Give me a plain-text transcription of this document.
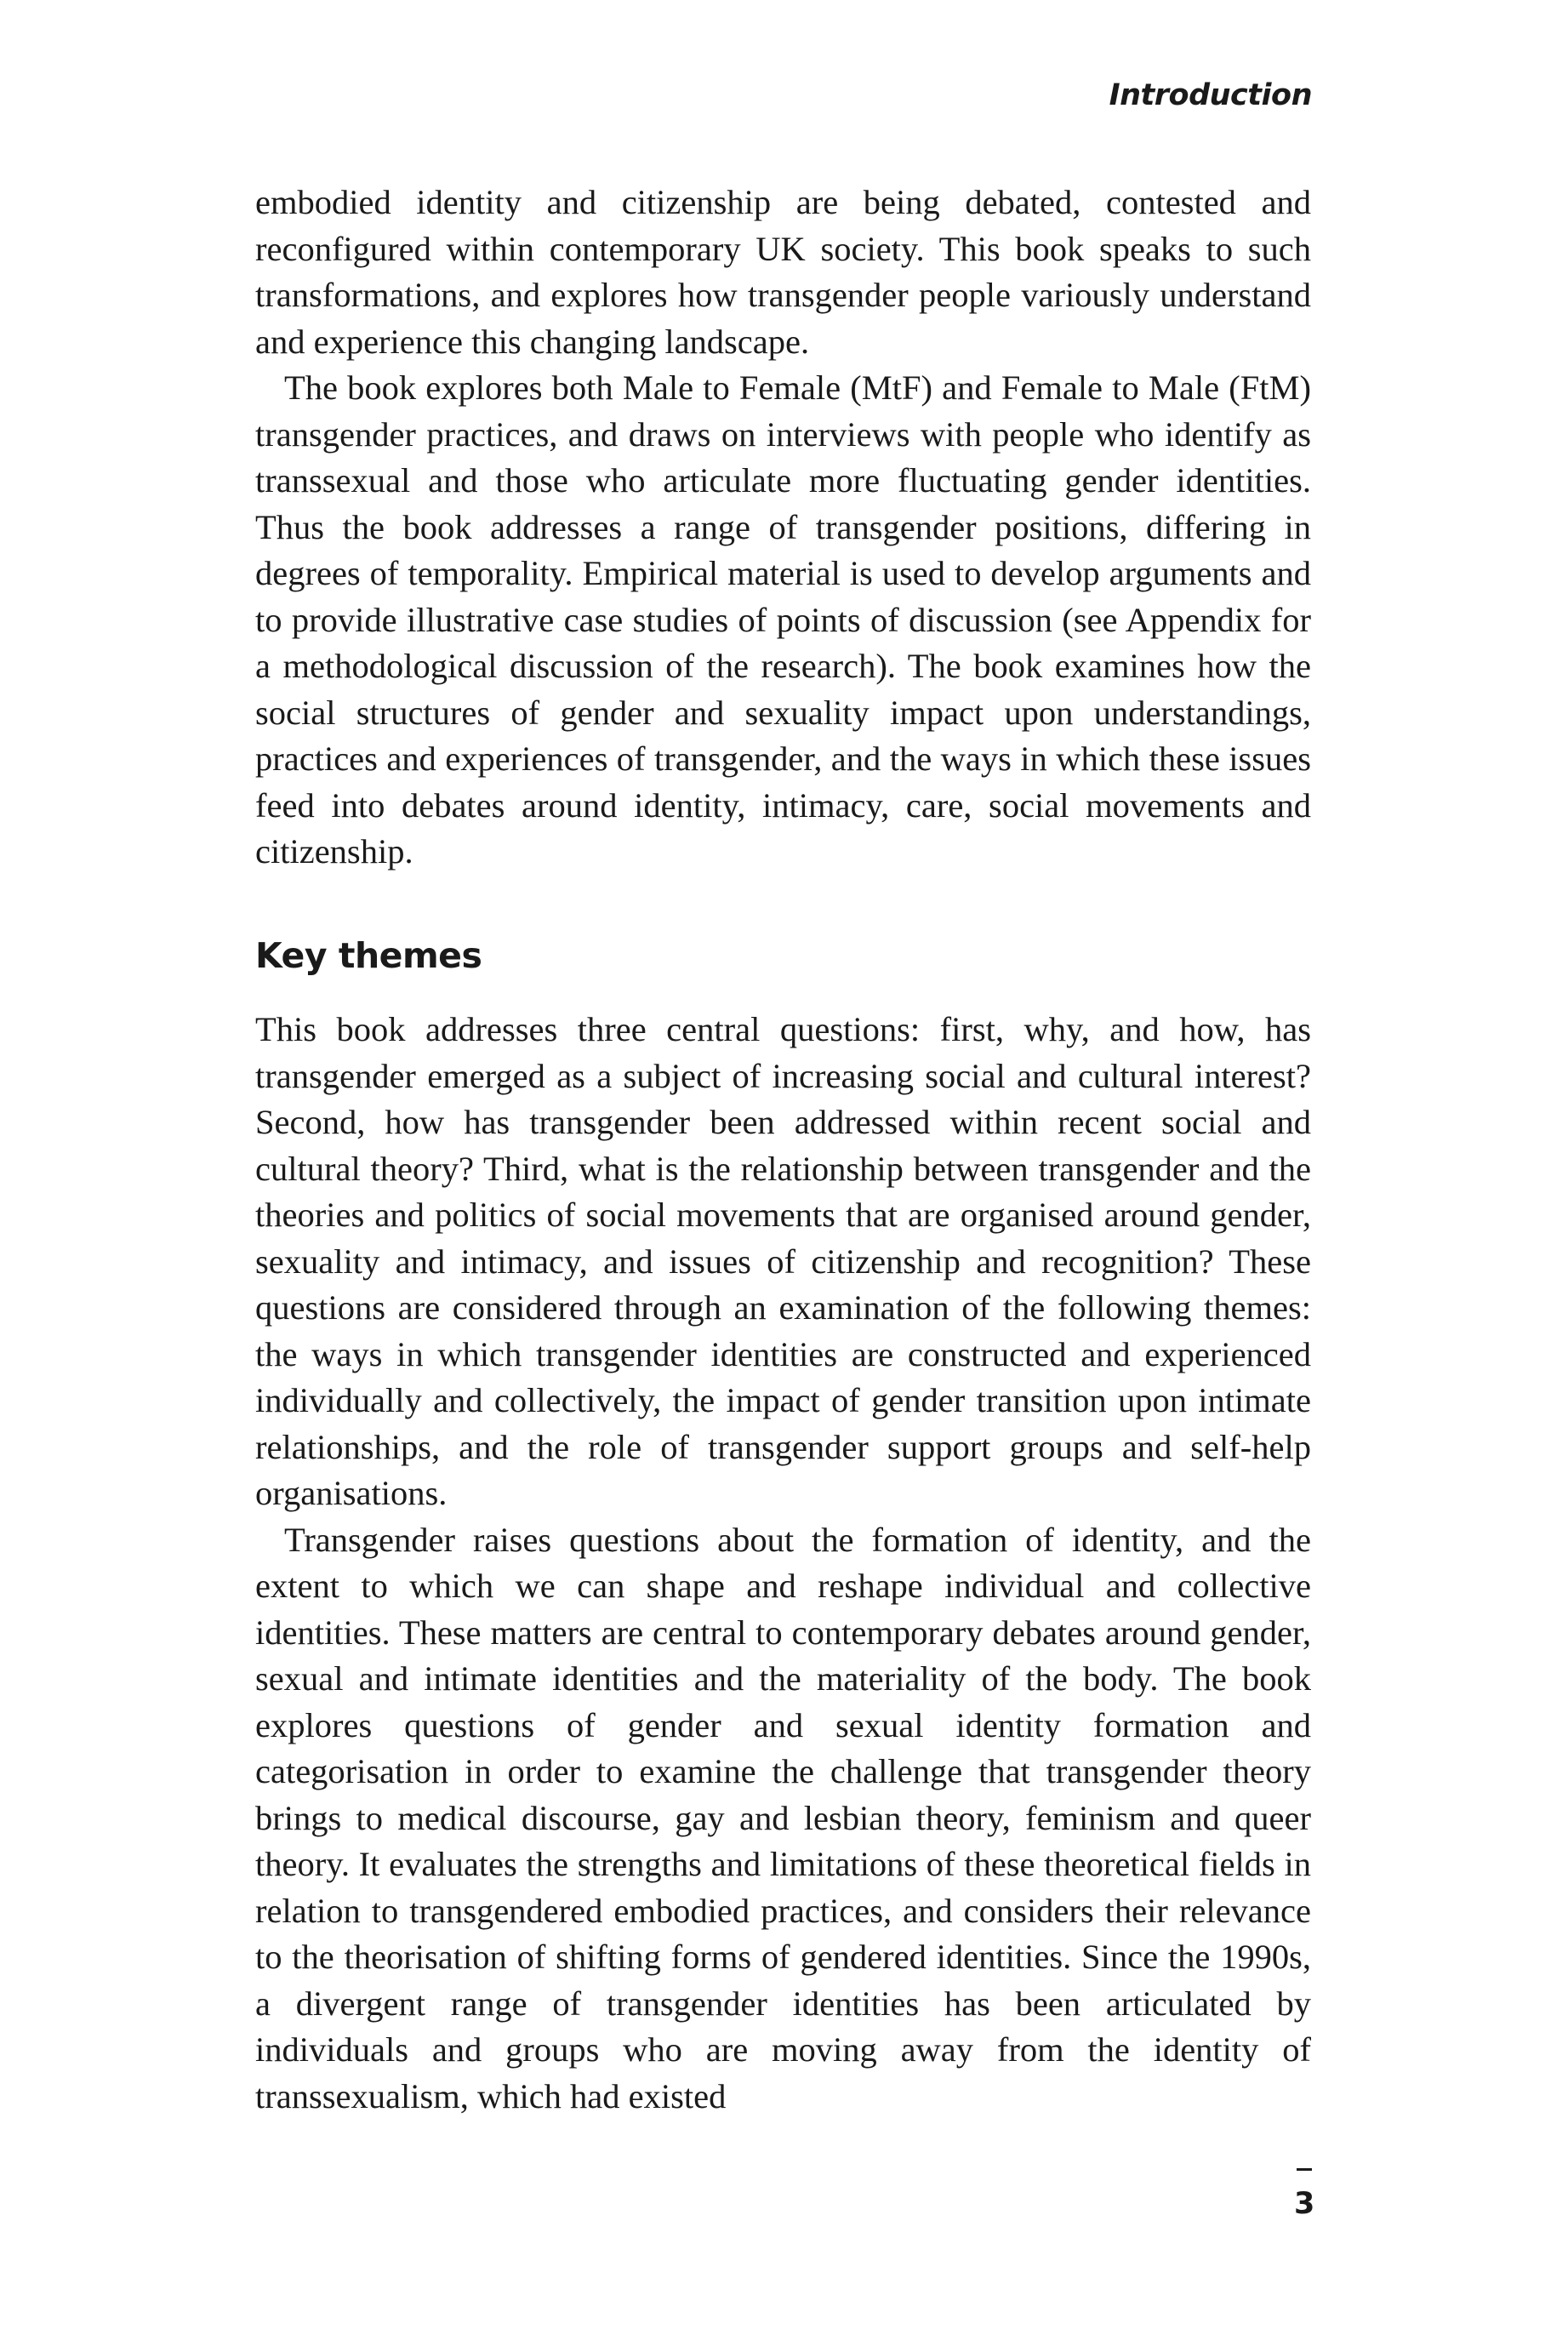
Introduction

embodied identity and citizenship are being debated, contested and reconfigured within contemporary UK society. This book speaks to such transformations, and explores how transgender people variously understand and experience this changing landscape.

The book explores both Male to Female (MtF) and Female to Male (FtM) transgender practices, and draws on interviews with people who identify as transsexual and those who articulate more fluctuating gender identities. Thus the book addresses a range of transgender positions, differing in degrees of temporality. Empirical material is used to develop arguments and to provide illustrative case studies of points of discussion (see Appendix for a methodological discussion of the research). The book examines how the social structures of gender and sexuality impact upon understandings, practices and experiences of transgender, and the ways in which these issues feed into debates around identity, intimacy, care, social movements and citizenship.

Key themes

This book addresses three central questions: first, why, and how, has transgender emerged as a subject of increasing social and cultural interest? Second, how has transgender been addressed within recent social and cultural theory? Third, what is the relationship between transgender and the theories and politics of social movements that are organised around gender, sexuality and intimacy, and issues of citizenship and recognition? These questions are considered through an examination of the following themes: the ways in which transgender identities are constructed and experienced individually and collectively, the impact of gender transition upon intimate relationships, and the role of transgender support groups and self-help organisations.

Transgender raises questions about the formation of identity, and the extent to which we can shape and reshape individual and collective identities. These matters are central to contemporary debates around gender, sexual and intimate identities and the materiality of the body. The book explores questions of gender and sexual identity formation and categorisation in order to examine the challenge that transgender theory brings to medical discourse, gay and lesbian theory, feminism and queer theory. It evaluates the strengths and limitations of these theoretical fields in relation to transgendered embodied practices, and considers their relevance to the theorisation of shifting forms of gendered identities. Since the 1990s, a divergent range of transgender identities has been articulated by individuals and groups who are moving away from the identity of transsexualism, which had existed

3
